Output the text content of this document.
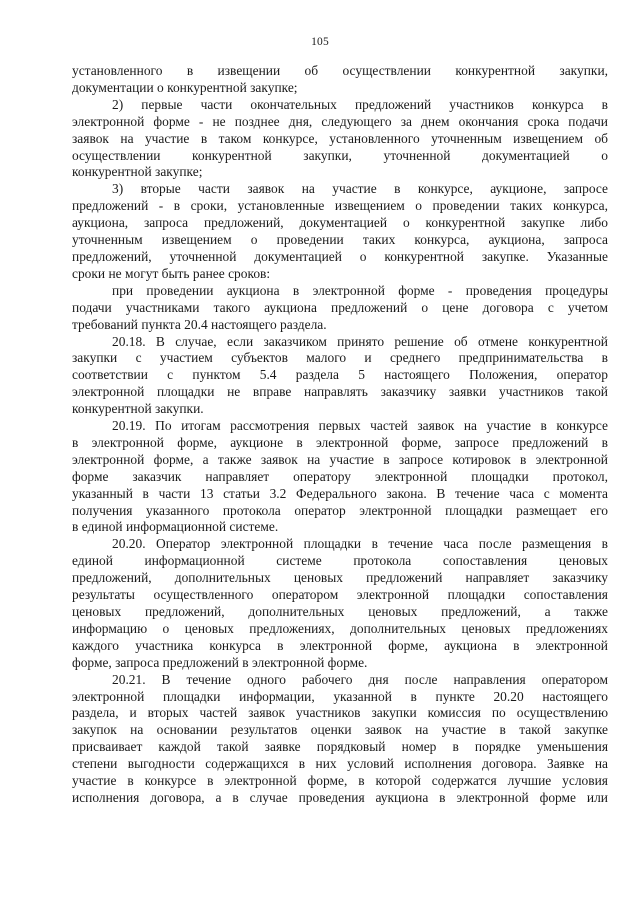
105

установленного в извещении об осуществлении конкурентной закупки,

документации о конкурентной закупке;

2) первые части окончательных предложений участников конкурса в

электронной форме - не позднее дня, следующего за днем окончания срока подачи

заявок на участие в таком конкурсе, установленного уточненным извещением об

осуществлении конкурентной закупки, уточненной документацией о

конкурентной закупке;

3) вторые части заявок на участие в конкурсе, аукционе, запросе

предложений - в сроки, установленные извещением о проведении таких конкурса,

аукциона, запроса предложений, документацией о конкурентной закупке либо

уточненным извещением о проведении таких конкурса, аукциона, запроса

предложений, уточненной документацией о конкурентной закупке. Указанные

сроки не могут быть ранее сроков:

при проведении аукциона в электронной форме - проведения процедуры

подачи участниками такого аукциона предложений о цене договора с учетом

требований пункта 20.4 настоящего раздела.

20.18. В случае, если заказчиком принято решение об отмене конкурентной

закупки с участием субъектов малого и среднего предпринимательства в

соответствии с пунктом 5.4 раздела 5 настоящего Положения, оператор

электронной площадки не вправе направлять заказчику заявки участников такой

конкурентной закупки.

20.19. По итогам рассмотрения первых частей заявок на участие в конкурсе

в электронной форме, аукционе в электронной форме, запросе предложений в

электронной форме, а также заявок на участие в запросе котировок в электронной

форме заказчик направляет оператору электронной площадки протокол,

указанный в части 13 статьи 3.2 Федерального закона. В течение часа с момента

получения указанного протокола оператор электронной площадки размещает его

в единой информационной системе.

20.20. Оператор электронной площадки в течение часа после размещения в

единой информационной системе протокола сопоставления ценовых

предложений, дополнительных ценовых предложений направляет заказчику

результаты осуществленного оператором электронной площадки сопоставления

ценовых предложений, дополнительных ценовых предложений, а также

информацию о ценовых предложениях, дополнительных ценовых предложениях

каждого участника конкурса в электронной форме, аукциона в электронной

форме, запроса предложений в электронной форме.

20.21. В течение одного рабочего дня после направления оператором

электронной площадки информации, указанной в пункте 20.20 настоящего

раздела, и вторых частей заявок участников закупки комиссия по осуществлению

закупок на основании результатов оценки заявок на участие в такой закупке

присваивает каждой такой заявке порядковый номер в порядке уменьшения

степени выгодности содержащихся в них условий исполнения договора. Заявке на

участие в конкурсе в электронной форме, в которой содержатся лучшие условия

исполнения договора, а в случае проведения аукциона в электронной форме или
